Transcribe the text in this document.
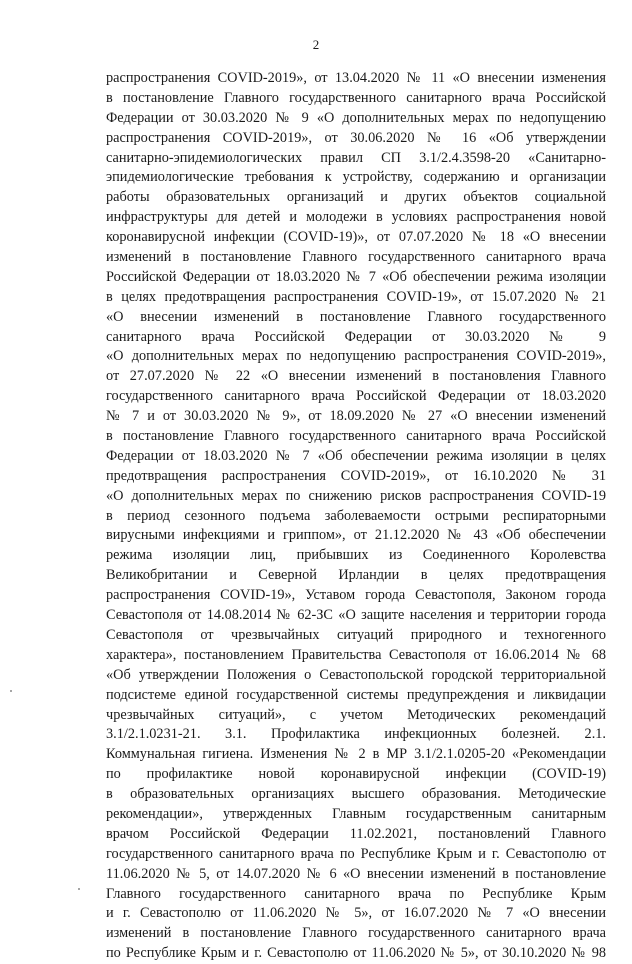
2
распространения COVID-2019», от 13.04.2020 № 11 «О внесении изменения
в постановление Главного государственного санитарного врача Российской
Федерации от 30.03.2020 № 9 «О дополнительных мерах по недопущению
распространения COVID-2019», от 30.06.2020 № 16 «Об утверждении
санитарно-эпидемиологических правил СП 3.1/2.4.3598-20 «Санитарно-
эпидемиологические требования к устройству, содержанию и организации
работы образовательных организаций и других объектов социальной
инфраструктуры для детей и молодежи в условиях распространения новой
коронавирусной инфекции (COVID-19)», от 07.07.2020 № 18 «О внесении
изменений в постановление Главного государственного санитарного врача
Российской Федерации от 18.03.2020 № 7 «Об обеспечении режима изоляции
в целях предотвращения распространения COVID-19», от 15.07.2020 № 21
«О внесении изменений в постановление Главного государственного
санитарного врача Российской Федерации от 30.03.2020 № 9
«О дополнительных мерах по недопущению распространения COVID-2019»,
от 27.07.2020 № 22 «О внесении изменений в постановления Главного
государственного санитарного врача Российской Федерации от 18.03.2020
№ 7 и от 30.03.2020 № 9», от 18.09.2020 № 27 «О внесении изменений
в постановление Главного государственного санитарного врача Российской
Федерации от 18.03.2020 № 7 «Об обеспечении режима изоляции в целях
предотвращения распространения COVID-2019», от 16.10.2020 № 31
«О дополнительных мерах по снижению рисков распространения COVID-19
в период сезонного подъема заболеваемости острыми респираторными
вирусными инфекциями и гриппом», от 21.12.2020 № 43 «Об обеспечении
режима изоляции лиц, прибывших из Соединенного Королевства
Великобритании и Северной Ирландии в целях предотвращения
распространения COVID-19», Уставом города Севастополя, Законом города
Севастополя от 14.08.2014 № 62-ЗС «О защите населения и территории города
Севастополя от чрезвычайных ситуаций природного и техногенного
характера», постановлением Правительства Севастополя от 16.06.2014 № 68
«Об утверждении Положения о Севастопольской городской территориальной
подсистеме единой государственной системы предупреждения и ликвидации
чрезвычайных ситуаций», с учетом Методических рекомендаций
3.1/2.1.0231-21. 3.1. Профилактика инфекционных болезней. 2.1.
Коммунальная гигиена. Изменения № 2 в МР 3.1/2.1.0205-20 «Рекомендации
по профилактике новой коронавирусной инфекции (COVID-19)
в образовательных организациях высшего образования. Методические
рекомендации», утвержденных Главным государственным санитарным
врачом Российской Федерации 11.02.2021, постановлений Главного
государственного санитарного врача по Республике Крым и г. Севастополю от
11.06.2020 № 5, от 14.07.2020 № 6 «О внесении изменений в постановление
Главного государственного санитарного врача по Республике Крым
и г. Севастополю от 11.06.2020 № 5», от 16.07.2020 № 7 «О внесении
изменений в постановление Главного государственного санитарного врача
по Республике Крым и г. Севастополю от 11.06.2020 № 5», от 30.10.2020 № 98
